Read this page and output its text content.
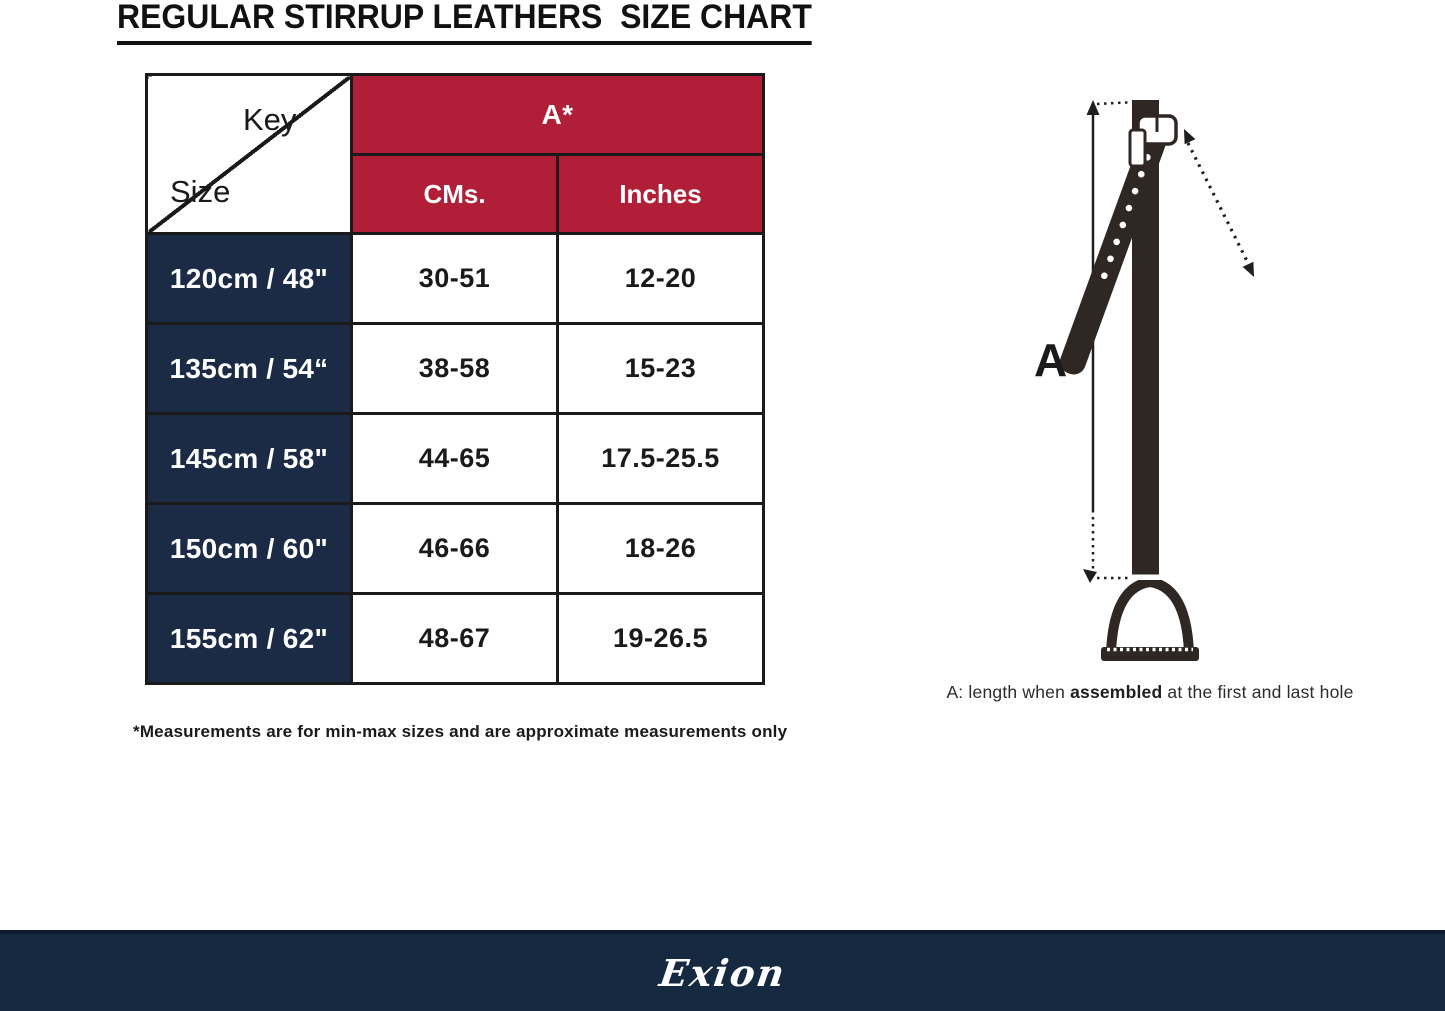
REGULAR STIRRUP LEATHERS  SIZE CHART
Key
Size	A*	
	CMs.	Inches
120cm / 48"	30-51	12-20
135cm / 54“	38-58	15-23
145cm / 58"	44-65	17.5-25.5
150cm / 60"	46-66	18-26
155cm / 62"	48-67	19-26.5
*Measurements are for min-max sizes and are approximate measurements only
A
A: length when assembled at the first and last hole
Exion
